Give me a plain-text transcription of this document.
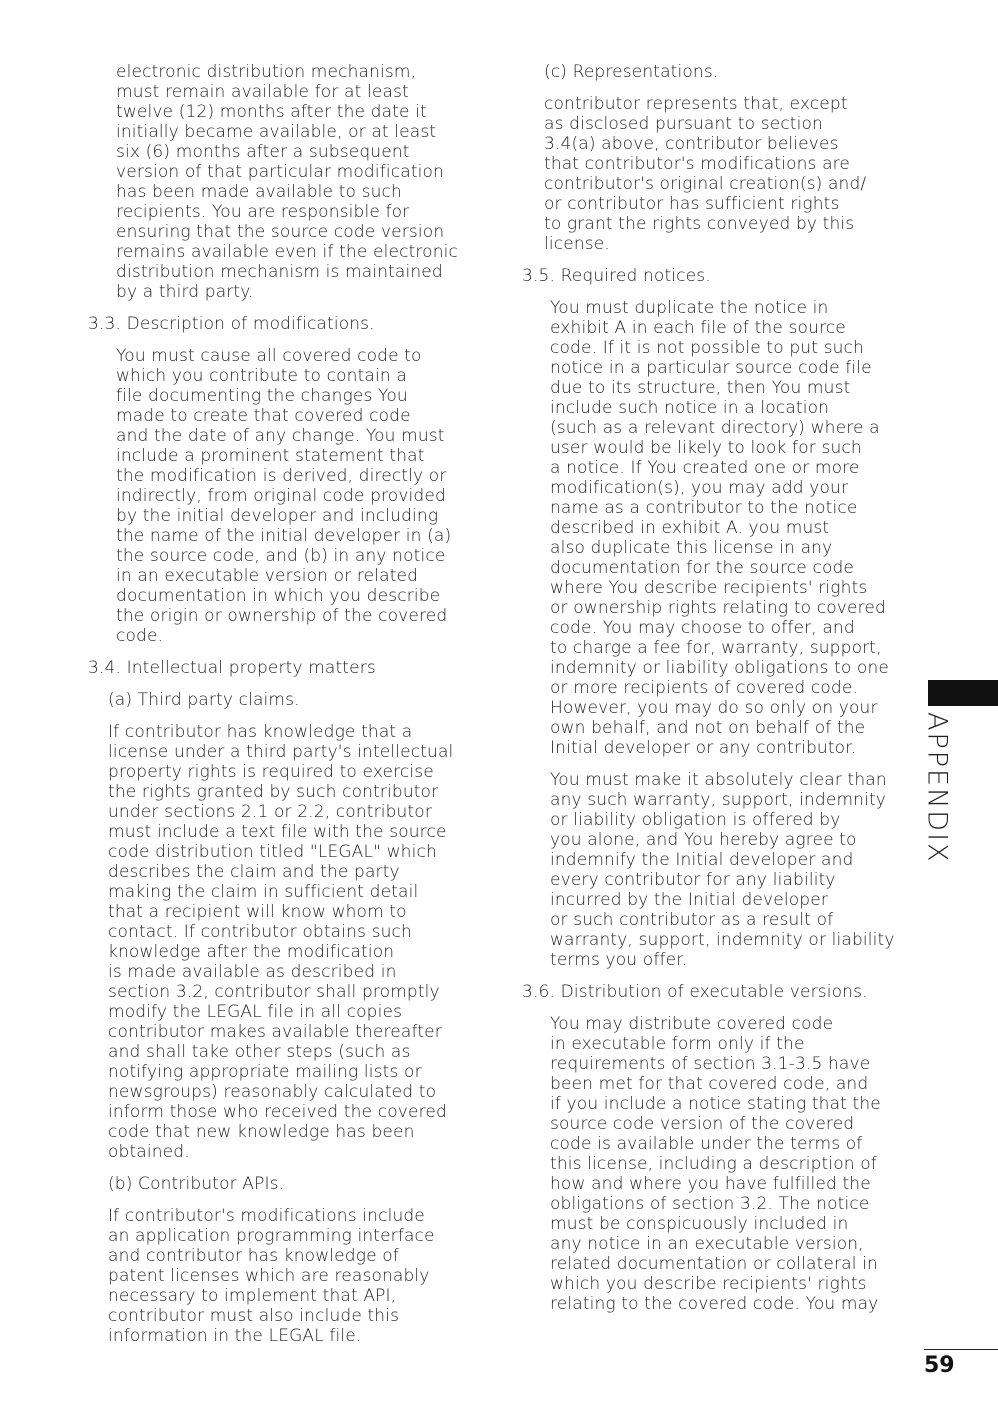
electronic distribution mechanism,
must remain available for at least
twelve (12) months after the date it
initially became available, or at least
six (6) months after a subsequent
version of that particular modification
has been made available to such
recipients. You are responsible for
ensuring that the source code version
remains available even if the electronic
distribution mechanism is maintained
by a third party.
3.3. Description of modifications.
You must cause all covered code to
which you contribute to contain a
file documenting the changes You
made to create that covered code
and the date of any change. You must
include a prominent statement that
the modification is derived, directly or
indirectly, from original code provided
by the initial developer and including
the name of the initial developer in (a)
the source code, and (b) in any notice
in an executable version or related
documentation in which you describe
the origin or ownership of the covered
code.
3.4. Intellectual property matters
(a) Third party claims.
If contributor has knowledge that a
license under a third party's intellectual
property rights is required to exercise
the rights granted by such contributor
under sections 2.1 or 2.2, contributor
must include a text file with the source
code distribution titled "LEGAL" which
describes the claim and the party
making the claim in sufficient detail
that a recipient will know whom to
contact. If contributor obtains such
knowledge after the modification
is made available as described in
section 3.2, contributor shall promptly
modify the LEGAL file in all copies
contributor makes available thereafter
and shall take other steps (such as
notifying appropriate mailing lists or
newsgroups) reasonably calculated to
inform those who received the covered
code that new knowledge has been
obtained.
(b) Contributor APIs.
If contributor's modifications include
an application programming interface
and contributor has knowledge of
patent licenses which are reasonably
necessary to implement that API,
contributor must also include this
information in the LEGAL file.
(c) Representations.
contributor represents that, except
as disclosed pursuant to section
3.4(a) above, contributor believes
that contributor's modifications are
contributor's original creation(s) and/
or contributor has sufficient rights
to grant the rights conveyed by this
license.
3.5. Required notices.
You must duplicate the notice in
exhibit A in each file of the source
code. If it is not possible to put such
notice in a particular source code file
due to its structure, then You must
include such notice in a location
(such as a relevant directory) where a
user would be likely to look for such
a notice. If You created one or more
modification(s), you may add your
name as a contributor to the notice
described in exhibit A. you must
also duplicate this license in any
documentation for the source code
where You describe recipients' rights
or ownership rights relating to covered
code. You may choose to offer, and
to charge a fee for, warranty, support,
indemnity or liability obligations to one
or more recipients of covered code.
However, you may do so only on your
own behalf, and not on behalf of the
Initial developer or any contributor.
You must make it absolutely clear than
any such warranty, support, indemnity
or liability obligation is offered by
you alone, and You hereby agree to
indemnify the Initial developer and
every contributor for any liability
incurred by the Initial developer
or such contributor as a result of
warranty, support, indemnity or liability
terms you offer.
3.6. Distribution of executable versions.
You may distribute covered code
in executable form only if the
requirements of section 3.1-3.5 have
been met for that covered code, and
if you include a notice stating that the
source code version of the covered
code is available under the terms of
this license, including a description of
how and where you have fulfilled the
obligations of section 3.2. The notice
must be conspicuously included in
any notice in an executable version,
related documentation or collateral in
which you describe recipients' rights
relating to the covered code. You may
APPENDIX
59
